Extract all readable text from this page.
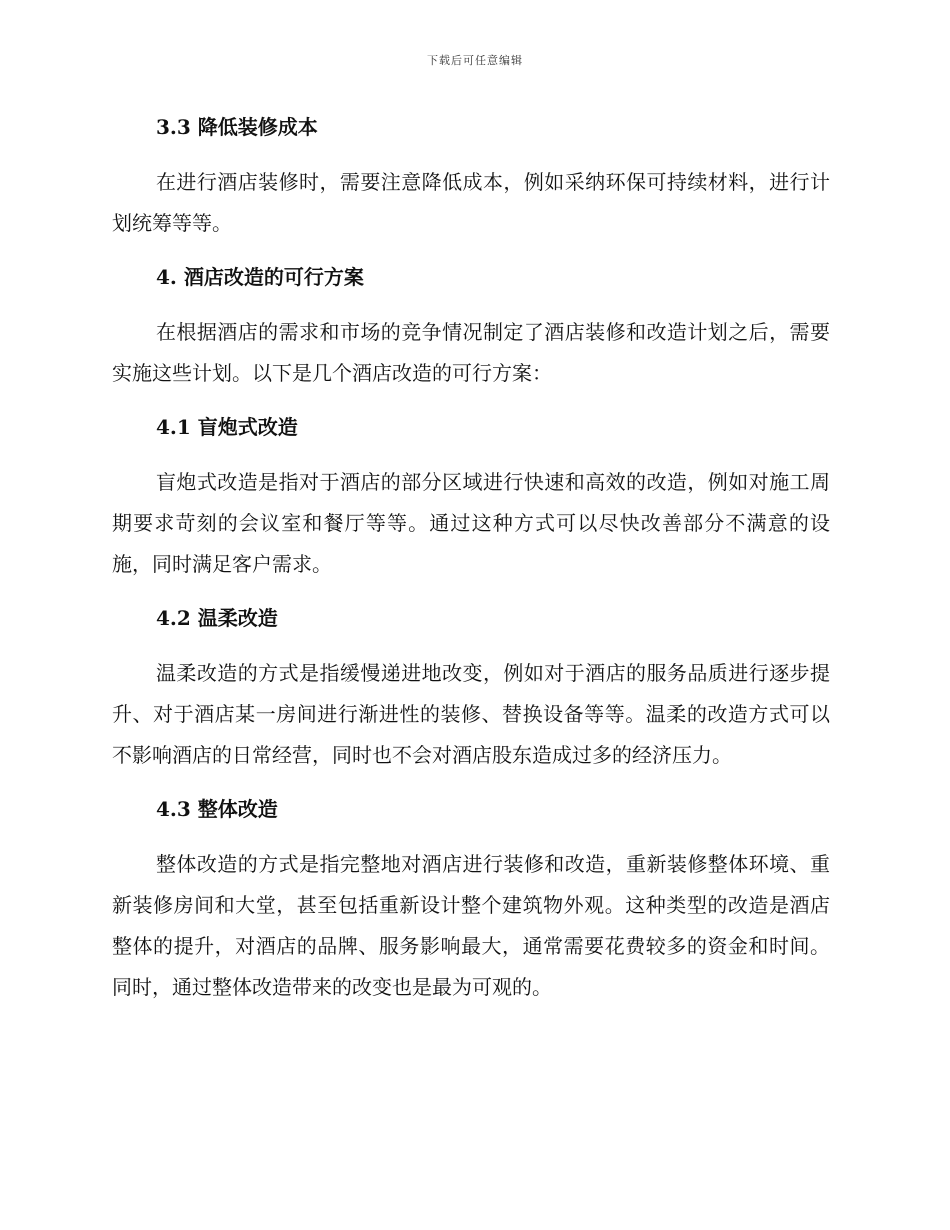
下载后可任意编辑
3.3 降低装修成本

在进行酒店装修时，需要注意降低成本，例如采纳环保可持续材料，进行计划统筹等等。

4. 酒店改造的可行方案

在根据酒店的需求和市场的竞争情况制定了酒店装修和改造计划之后，需要实施这些计划。以下是几个酒店改造的可行方案：

4.1 盲炮式改造

盲炮式改造是指对于酒店的部分区域进行快速和高效的改造，例如对施工周期要求苛刻的会议室和餐厅等等。通过这种方式可以尽快改善部分不满意的设施，同时满足客户需求。

4.2 温柔改造

温柔改造的方式是指缓慢递进地改变，例如对于酒店的服务品质进行逐步提升、对于酒店某一房间进行渐进性的装修、替换设备等等。温柔的改造方式可以不影响酒店的日常经营，同时也不会对酒店股东造成过多的经济压力。

4.3 整体改造

整体改造的方式是指完整地对酒店进行装修和改造，重新装修整体环境、重新装修房间和大堂，甚至包括重新设计整个建筑物外观。这种类型的改造是酒店整体的提升，对酒店的品牌、服务影响最大，通常需要花费较多的资金和时间。同时，通过整体改造带来的改变也是最为可观的。
